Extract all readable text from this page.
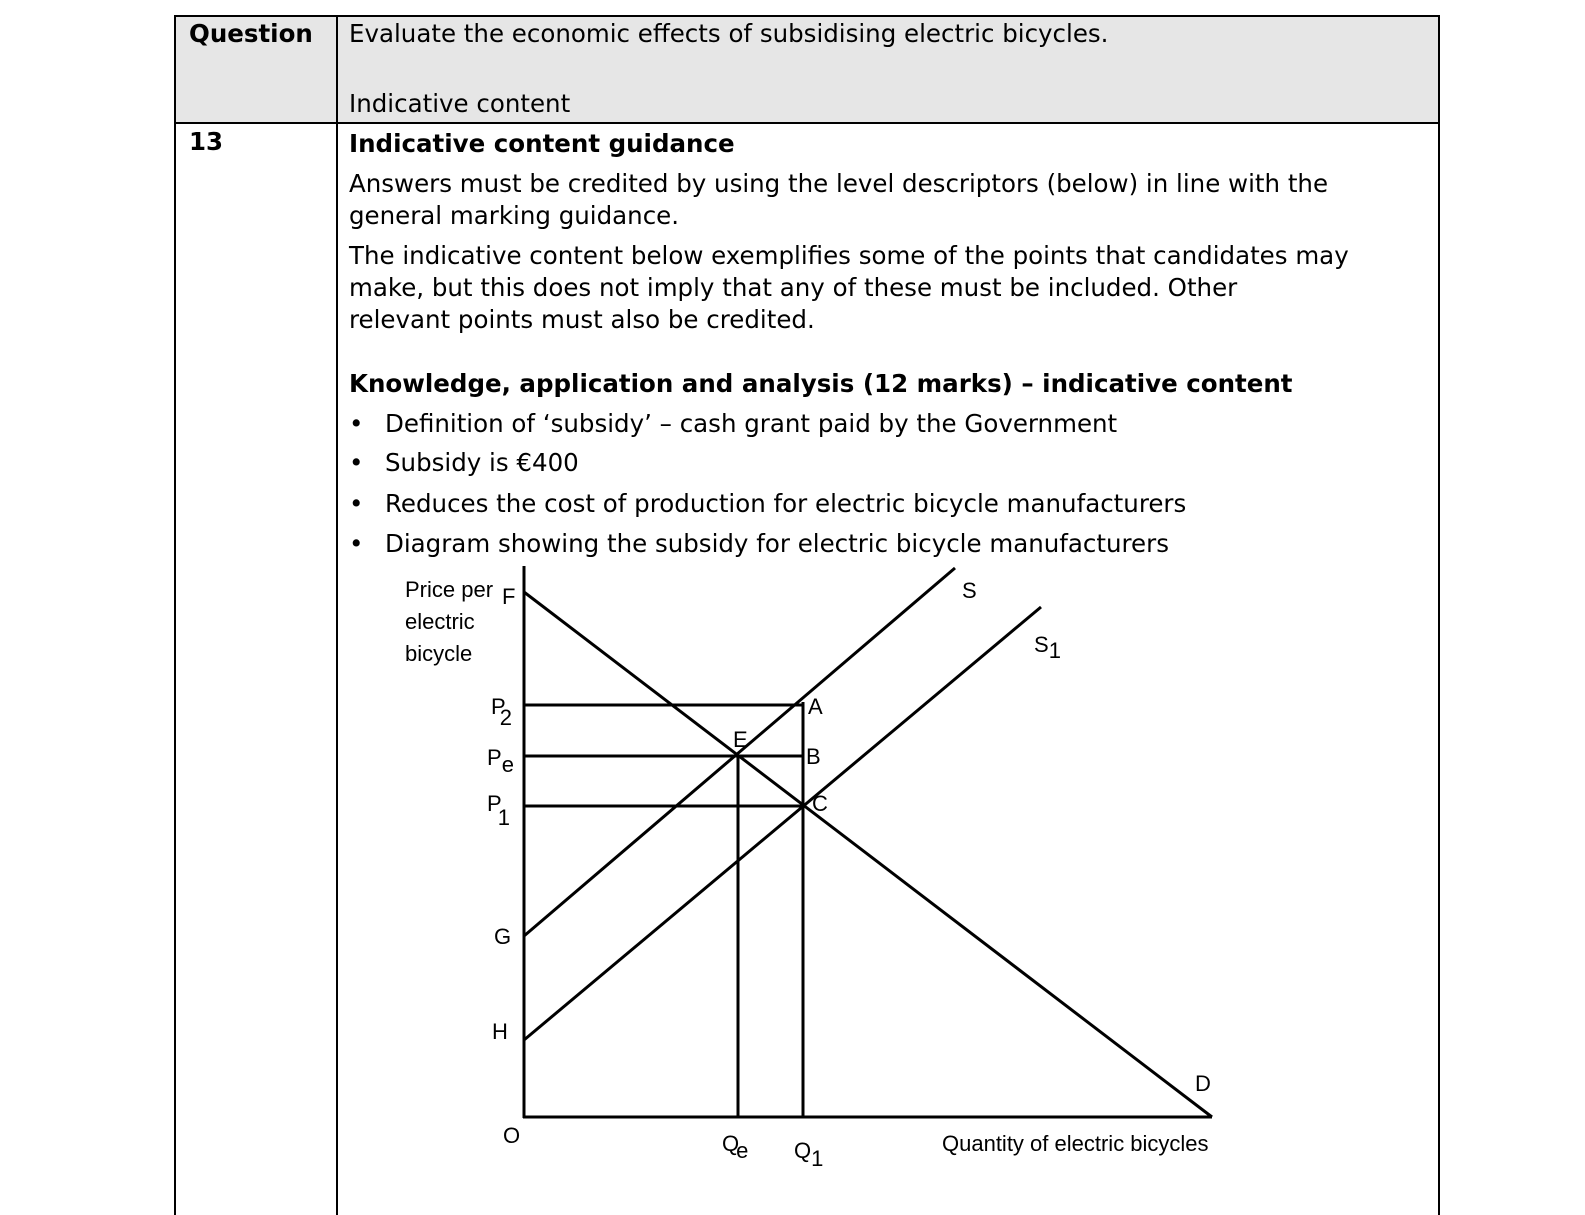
Question Evaluate the economic effects of subsidising electric bicycles.
Indicative content
13	Indicative content guidance
Answers must be credited by using the level descriptors (below) in line with the
general marking guidance.
The indicative content below exemplifies some of the points that candidates may
make, but this does not imply that any of these must be included. Other
relevant points must also be credited.
Knowledge, application and analysis (12 marks) – indicative content
• Definition of ‘subsidy’ – cash grant paid by the Government
• Subsidy is €400
• Reduces the cost of production for electric bicycle manufacturers
• Diagram showing the subsidy for electric bicycle manufacturers
Price per
electric
bicycle
F
G
H
D
A
B
C
E
S
S1
P2
Pe
P 1
O	Qe Q1
Quantity of electric bicycles
